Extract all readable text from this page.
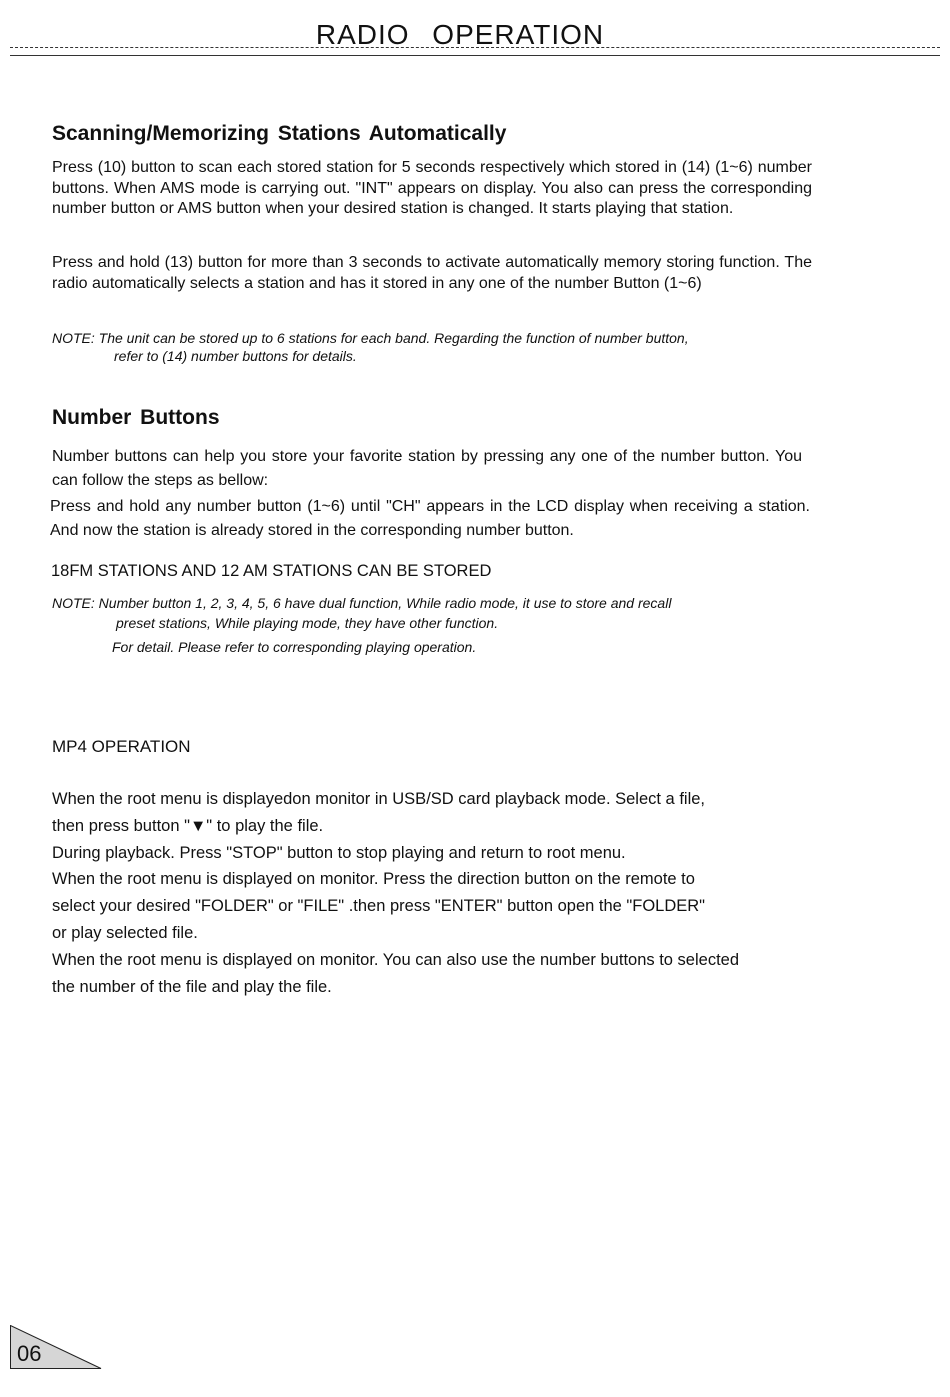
RADIO OPERATION
Scanning/Memorizing Stations Automatically

Press (10) button to scan each stored station for 5 seconds respectively which stored in (14) (1~6) number buttons. When AMS mode is carrying out. "INT" appears on display. You also can press the corresponding number button or AMS button when your desired station is changed. It starts playing that station.

Press and hold (13) button for more than 3 seconds to activate automatically memory storing function. The radio automatically selects a station and has it stored in any one of the number Button (1~6)

NOTE: The unit can be stored up to 6 stations for each band. Regarding the function of number button,
refer to (14) number buttons for details.
Number Buttons

Number buttons can help you store your favorite station by pressing any one of the number button. You can follow the steps as bellow:

Press and hold any number button (1~6) until "CH" appears in the LCD display when receiving a station. And now the station is already stored in the corresponding number button.

18FM STATIONS AND 12 AM STATIONS CAN BE STORED

NOTE: Number button 1, 2, 3, 4, 5, 6 have dual function, While radio mode, it use to store and recall
preset stations, While playing mode, they have other function.
For detail. Please refer to corresponding playing operation.

MP4 OPERATION

When the root menu is displayedon monitor in USB/SD card playback mode. Select a file,
then press button "▼" to play the file.
During playback. Press "STOP" button to stop playing and return to root menu.
When the root menu is displayed on monitor. Press the direction button on the remote to
select your desired "FOLDER" or "FILE" .then press "ENTER" button open the "FOLDER"
or play selected file.
When the root menu is displayed on monitor. You can also use the number buttons to selected
the number of the file and play the file.
06
